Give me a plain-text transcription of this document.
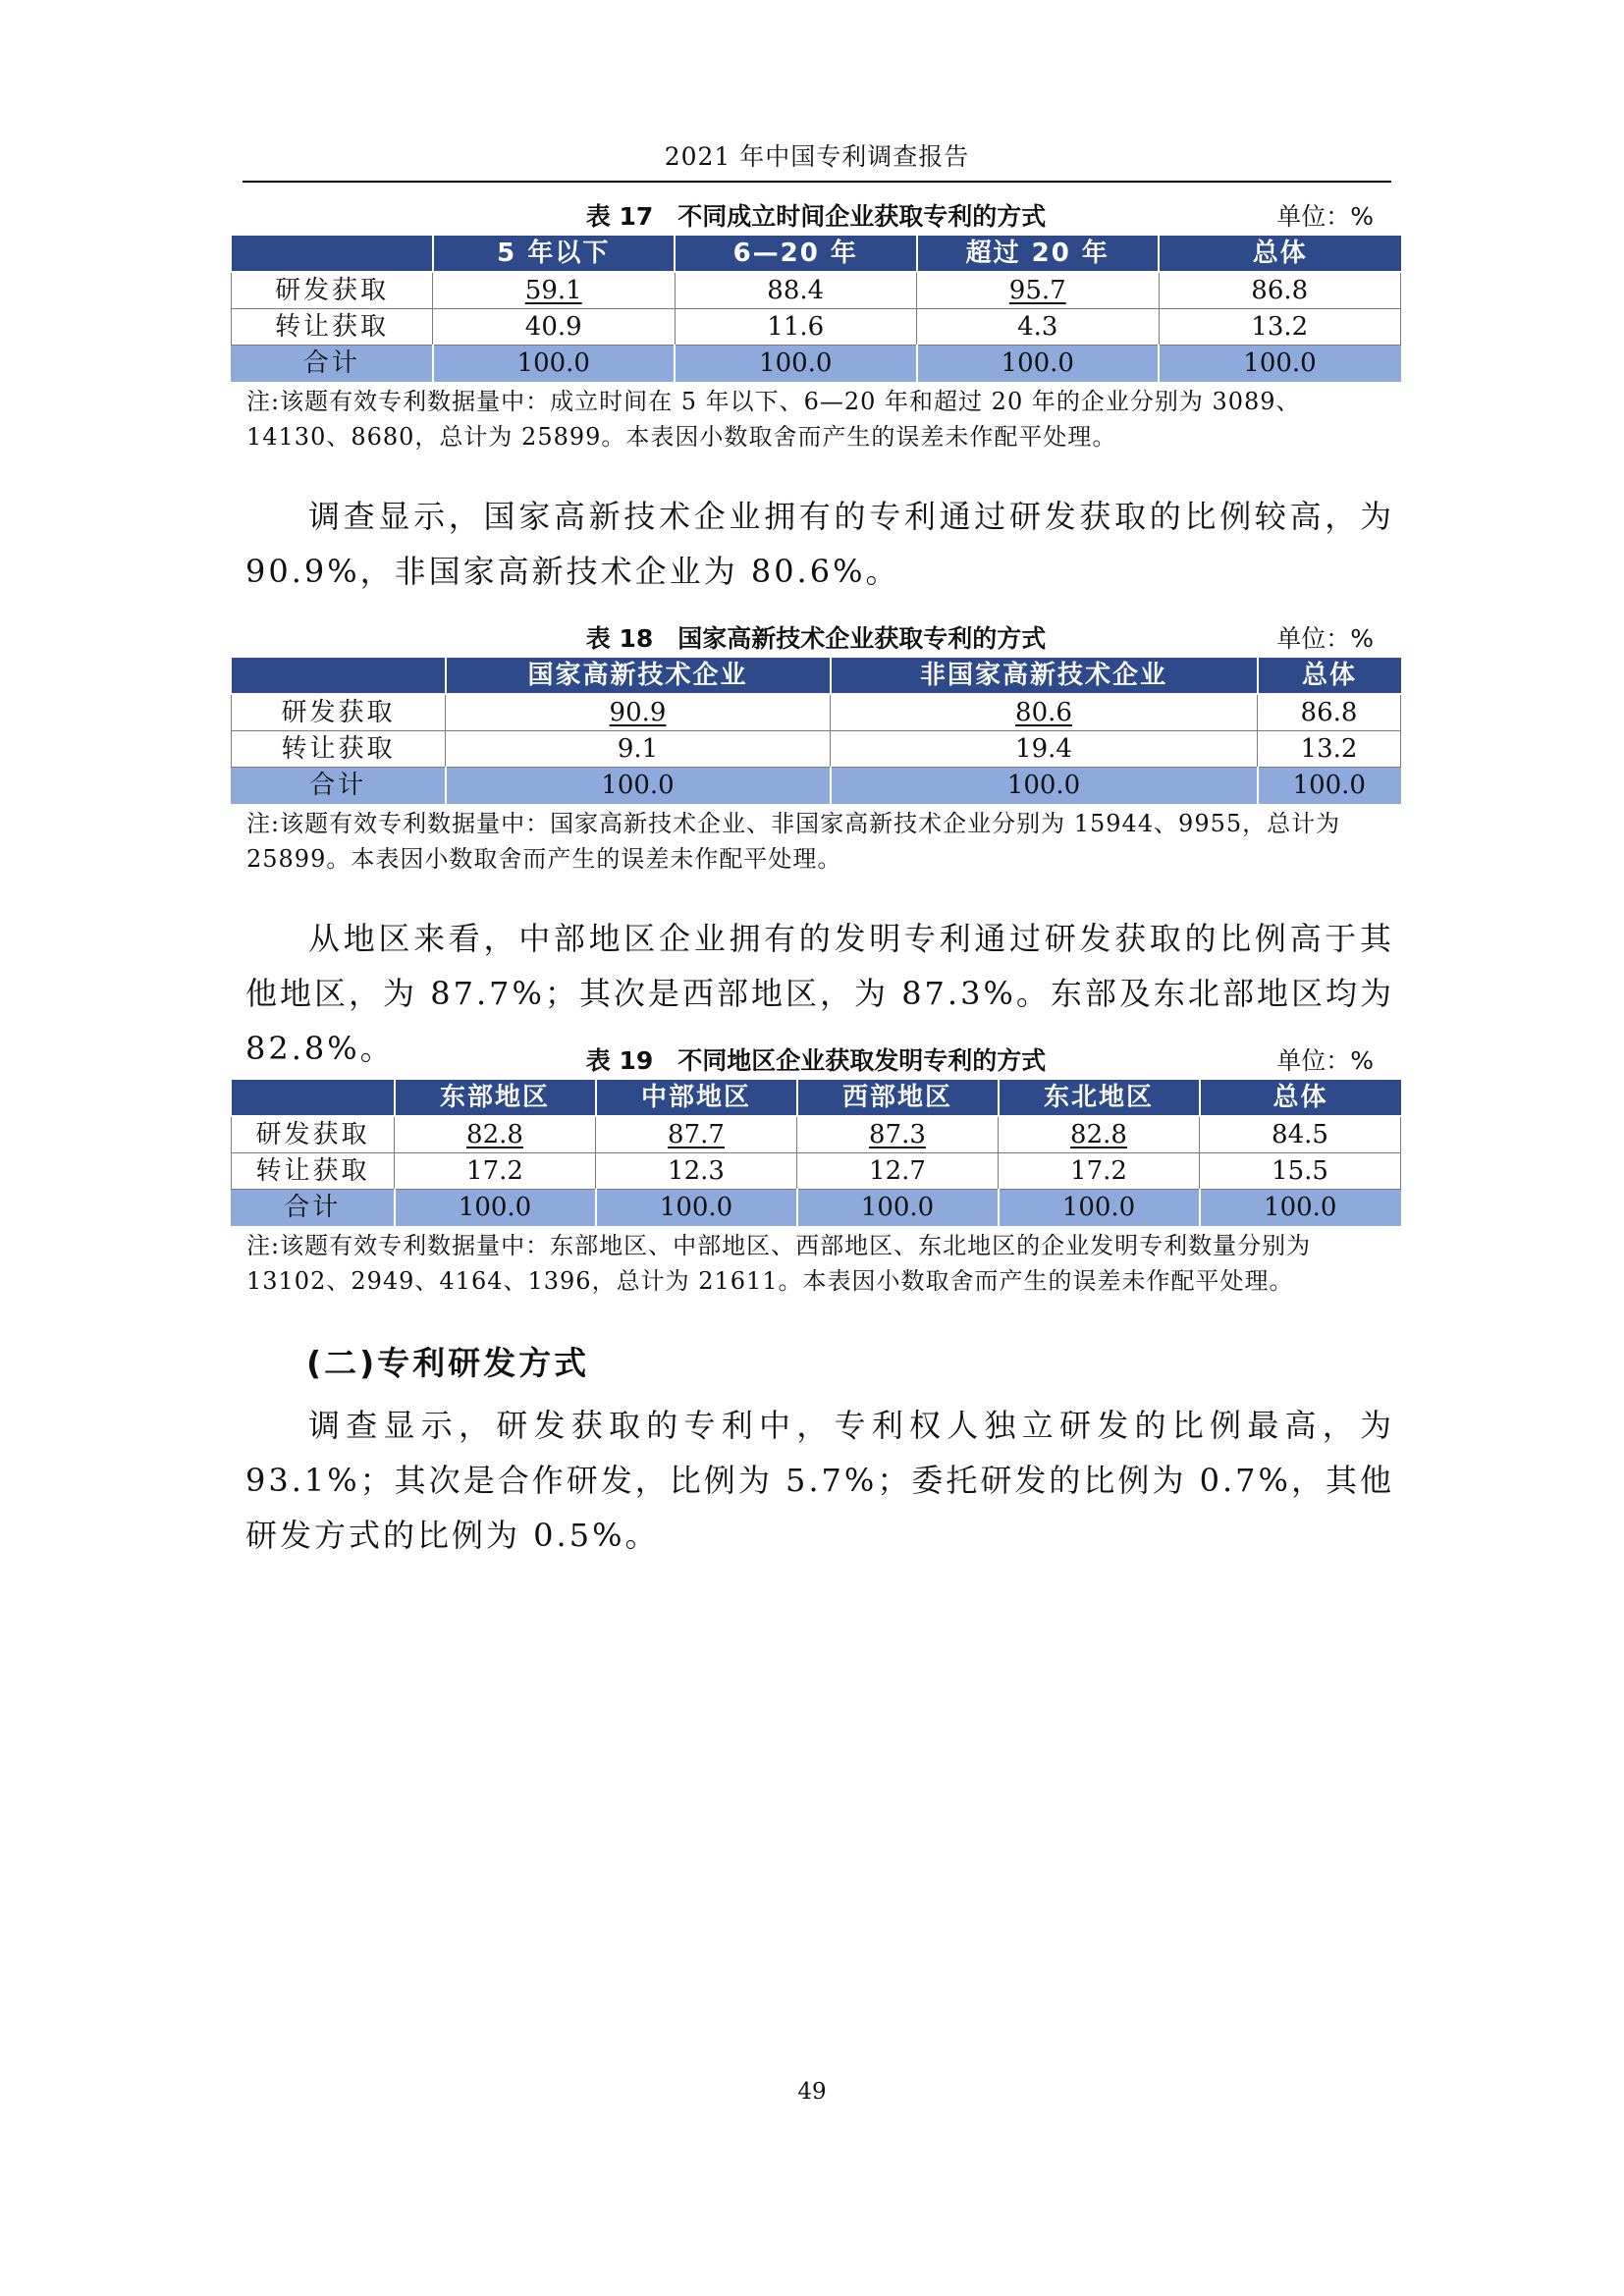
2021 年中国专利调查报告
表 17　不同成立时间企业获取专利的方式	单位：%
	5 年以下	6—20 年	超过 20 年	总体
研发获取	59.1	88.4	95.7	86.8
转让获取	40.9	11.6	4.3	13.2
合计	100.0	100.0	100.0	100.0
注:该题有效专利数据量中：成立时间在 5 年以下、6—20 年和超过 20 年的企业分别为 3089、14130、8680，总计为 25899。本表因小数取舍而产生的误差未作配平处理。
调查显示，国家高新技术企业拥有的专利通过研发获取的比例较高，为 90.9%，非国家高新技术企业为 80.6%。
表 18　国家高新技术企业获取专利的方式	单位：%
	国家高新技术企业	非国家高新技术企业	总体
研发获取	90.9	80.6	86.8
转让获取	9.1	19.4	13.2
合计	100.0	100.0	100.0
注:该题有效专利数据量中：国家高新技术企业、非国家高新技术企业分别为 15944、9955，总计为 25899。本表因小数取舍而产生的误差未作配平处理。
从地区来看，中部地区企业拥有的发明专利通过研发获取的比例高于其他地区，为 87.7%；其次是西部地区，为 87.3%。东部及东北部地区均为 82.8%。	表 19　不同地区企业获取发明专利的方式	单位：%
	东部地区	中部地区	西部地区	东北地区	总体
研发获取	82.8	87.7	87.3	82.8	84.5
转让获取	17.2	12.3	12.7	17.2	15.5
合计	100.0	100.0	100.0	100.0	100.0
注:该题有效专利数据量中：东部地区、中部地区、西部地区、东北地区的企业发明专利数量分别为 13102、2949、4164、1396，总计为 21611。本表因小数取舍而产生的误差未作配平处理。
(二)专利研发方式
调查显示，研发获取的专利中，专利权人独立研发的比例最高，为 93.1%；其次是合作研发，比例为 5.7%；委托研发的比例为 0.7%，其他研发方式的比例为 0.5%。
49
